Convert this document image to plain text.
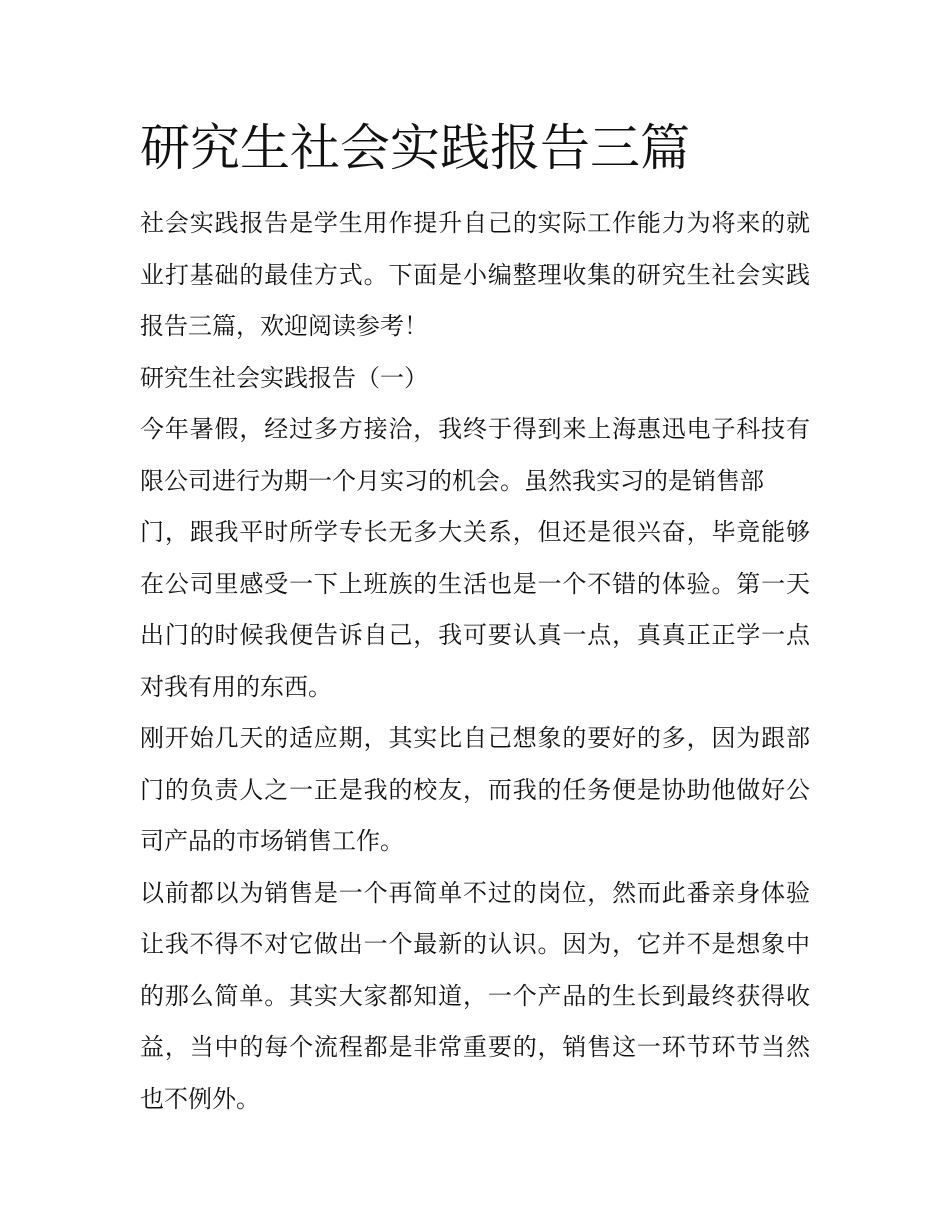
研究生社会实践报告三篇
社会实践报告是学生用作提升自己的实际工作能力为将来的就
业打基础的最佳方式。下面是小编整理收集的研究生社会实践
报告三篇，欢迎阅读参考！
研究生社会实践报告（一）
今年暑假，经过多方接洽，我终于得到来上海惠迅电子科技有
限公司进行为期一个月实习的机会。虽然我实习的是销售部
门，跟我平时所学专长无多大关系，但还是很兴奋，毕竟能够
在公司里感受一下上班族的生活也是一个不错的体验。第一天
出门的时候我便告诉自己，我可要认真一点，真真正正学一点
对我有用的东西。
刚开始几天的适应期，其实比自己想象的要好的多，因为跟部
门的负责人之一正是我的校友，而我的任务便是协助他做好公
司产品的市场销售工作。
以前都以为销售是一个再简单不过的岗位，然而此番亲身体验
让我不得不对它做出一个最新的认识。因为，它并不是想象中
的那么简单。其实大家都知道，一个产品的生长到最终获得收
益，当中的每个流程都是非常重要的，销售这一环节环节当然
也不例外。
